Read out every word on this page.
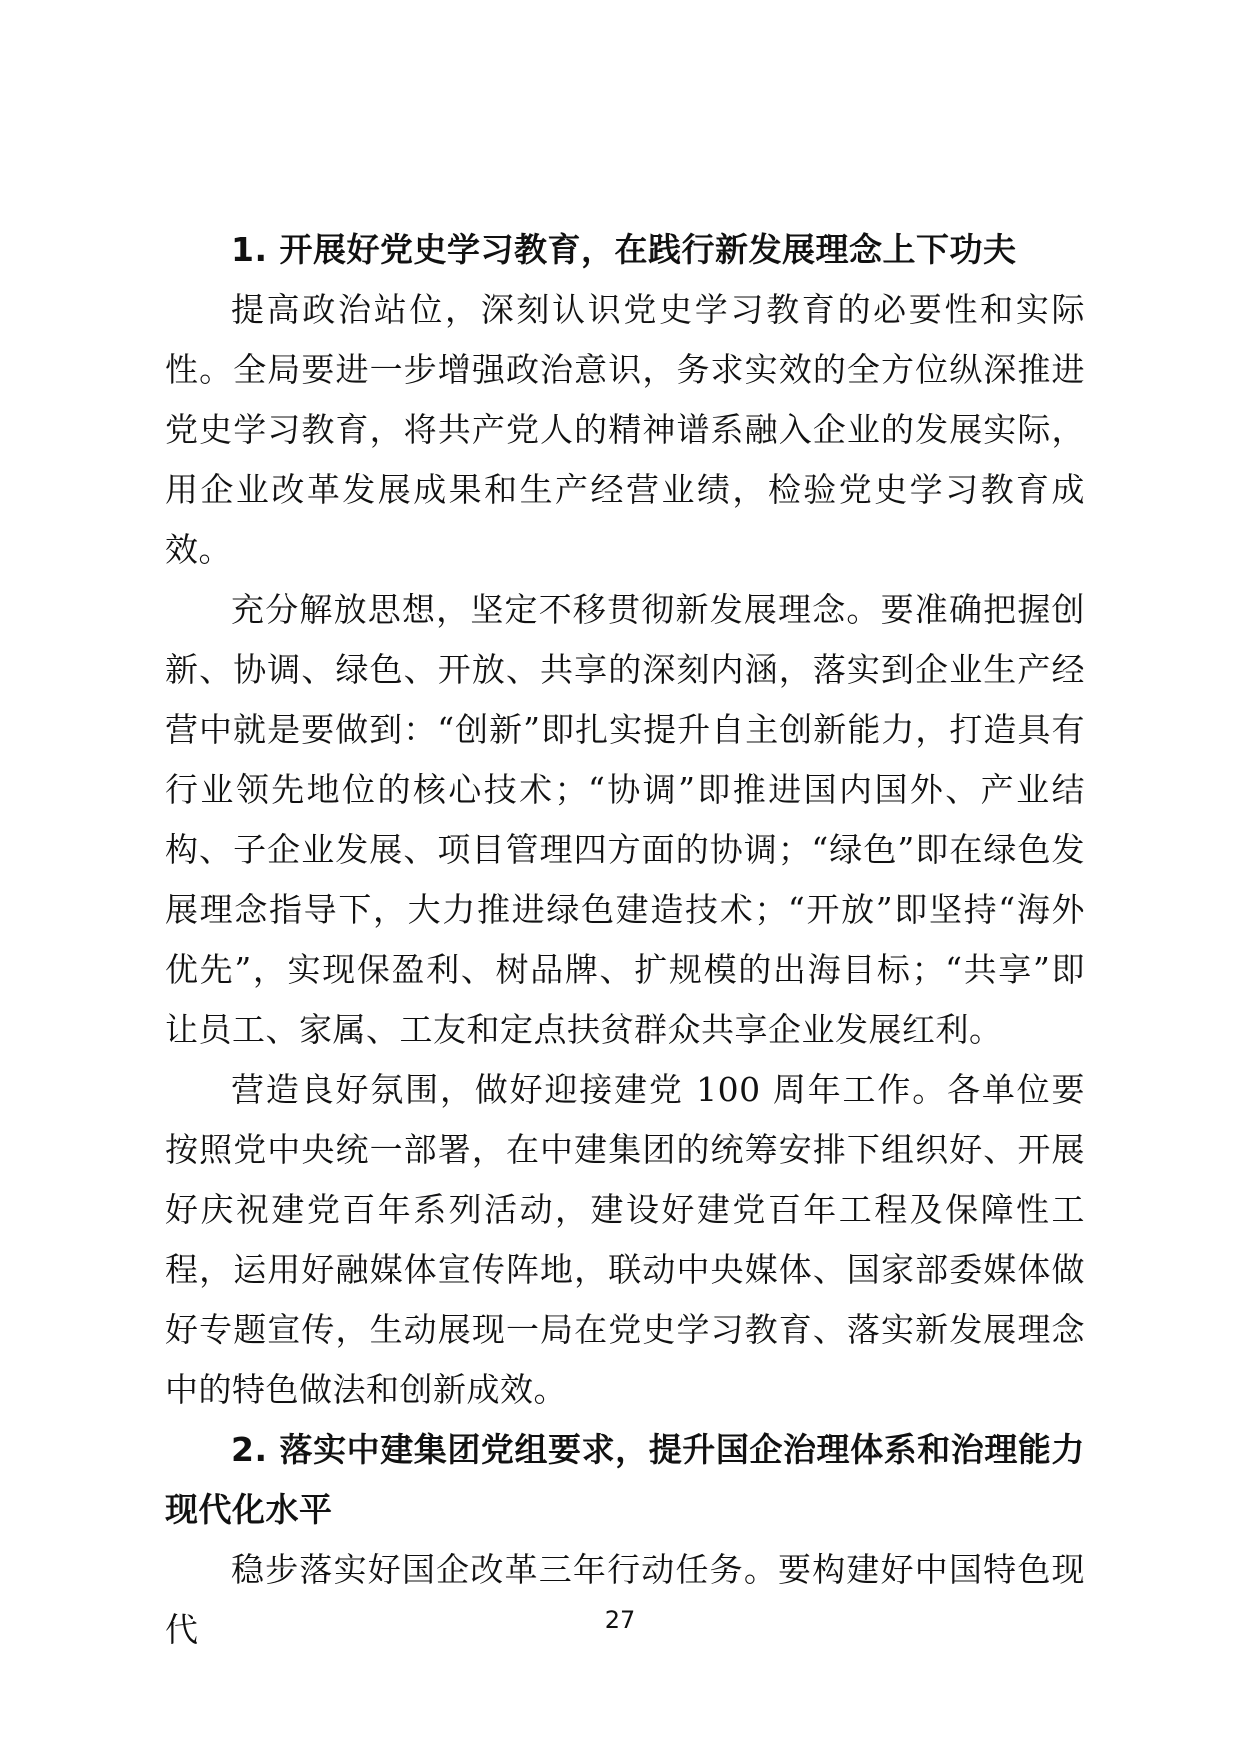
1. 开展好党史学习教育，在践行新发展理念上下功夫

提高政治站位，深刻认识党史学习教育的必要性和实际性。全局要进一步增强政治意识，务求实效的全方位纵深推进党史学习教育，将共产党人的精神谱系融入企业的发展实际，用企业改革发展成果和生产经营业绩，检验党史学习教育成效。

充分解放思想，坚定不移贯彻新发展理念。要准确把握创新、协调、绿色、开放、共享的深刻内涵，落实到企业生产经营中就是要做到：“创新”即扎实提升自主创新能力，打造具有行业领先地位的核心技术；“协调”即推进国内国外、产业结构、子企业发展、项目管理四方面的协调；“绿色”即在绿色发展理念指导下，大力推进绿色建造技术；“开放”即坚持“海外优先”，实现保盈利、树品牌、扩规模的出海目标；“共享”即让员工、家属、工友和定点扶贫群众共享企业发展红利。

营造良好氛围，做好迎接建党 100 周年工作。各单位要按照党中央统一部署，在中建集团的统筹安排下组织好、开展好庆祝建党百年系列活动，建设好建党百年工程及保障性工程，运用好融媒体宣传阵地，联动中央媒体、国家部委媒体做好专题宣传，生动展现一局在党史学习教育、落实新发展理念中的特色做法和创新成效。

2. 落实中建集团党组要求，提升国企治理体系和治理能力现代化水平

稳步落实好国企改革三年行动任务。要构建好中国特色现代	27
